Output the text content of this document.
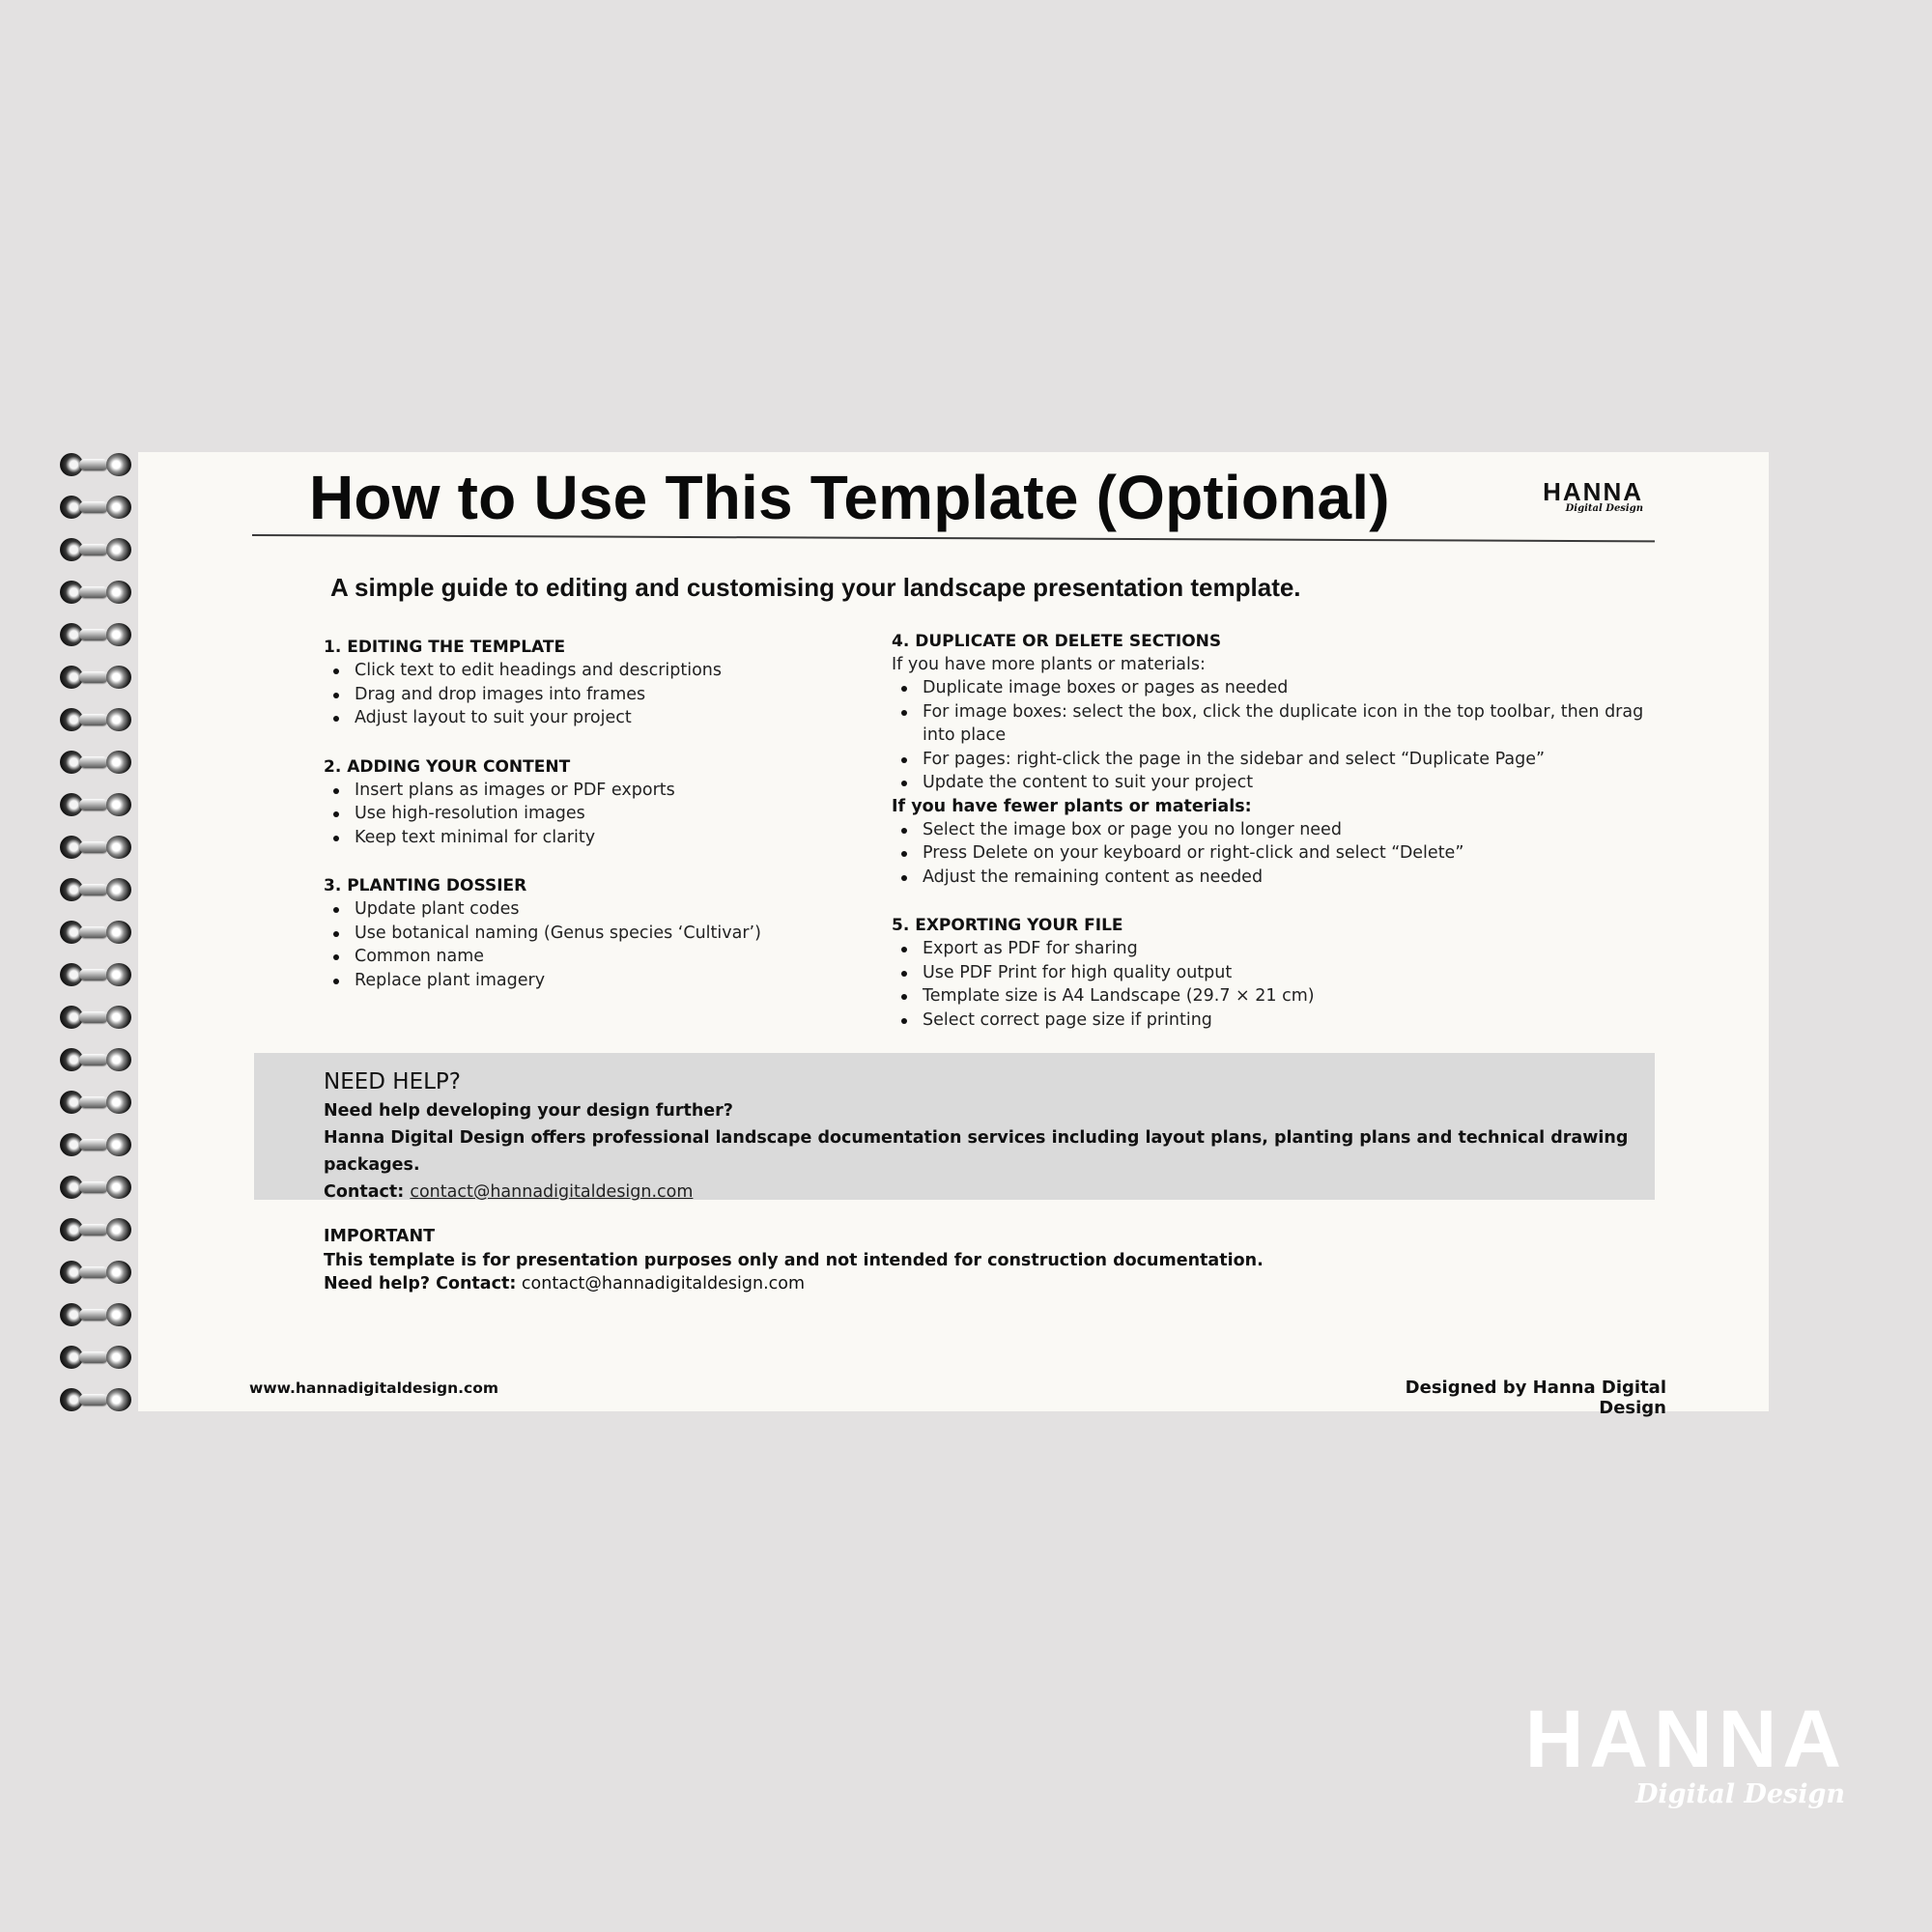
How to Use This Template (Optional)	HANNA
Digital Design
A simple guide to editing and customising your landscape presentation template.

1. EDITING THE TEMPLATE

Click text to edit headings and descriptions
Drag and drop images into frames
Adjust layout to suit your project

2. ADDING YOUR CONTENT

Insert plans as images or PDF exports
Use high-resolution images
Keep text minimal for clarity

3. PLANTING DOSSIER

Update plant codes
Use botanical naming (Genus species ‘Cultivar’)
Common name
Replace plant imagery

4. DUPLICATE OR DELETE SECTIONS

If you have more plants or materials:

Duplicate image boxes or pages as needed
For image boxes: select the box, click the duplicate icon in the top toolbar, then drag into place
For pages: right-click the page in the sidebar and select “Duplicate Page”
Update the content to suit your project

If you have fewer plants or materials:

Select the image box or page you no longer need
Press Delete on your keyboard or right-click and select “Delete”
Adjust the remaining content as needed

5. EXPORTING YOUR FILE

Export as PDF for sharing
Use PDF Print for high quality output
Template size is A4 Landscape (29.7 × 21 cm)
Select correct page size if printing
NEED HELP?

Need help developing your design further?

Hanna Digital Design offers professional landscape documentation services including layout plans, planting plans and technical drawing packages.

Contact: contact@hannadigitaldesign.com

IMPORTANT

This template is for presentation purposes only and not intended for construction documentation.

Need help? Contact: contact@hannadigitaldesign.com

www.hannadigitaldesign.com	Designed by Hanna Digital Design

HANNA
Digital Design
